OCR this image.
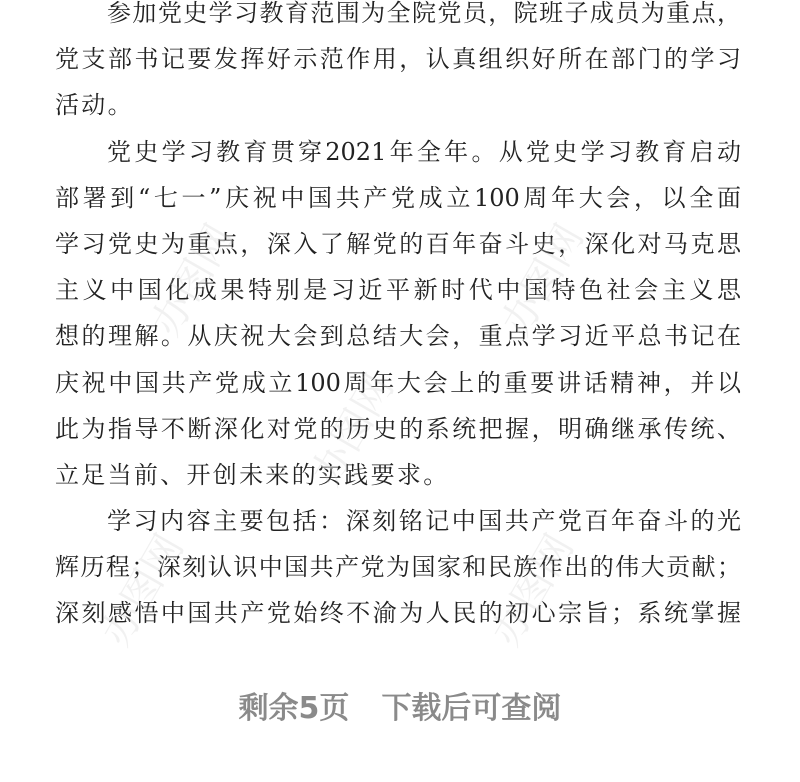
参加党史学习教育范围为全院党员，院班子成员为重点，
党支部书记要发挥好示范作用，认真组织好所在部门的学习
活动。
党史学习教育贯穿2021年全年。从党史学习教育启动
部署到“七一”庆祝中国共产党成立100周年大会，以全面
学习党史为重点，深入了解党的百年奋斗史，深化对马克思
主义中国化成果特别是习近平新时代中国特色社会主义思
想的理解。从庆祝大会到总结大会，重点学习近平总书记在
庆祝中国共产党成立100周年大会上的重要讲话精神，并以
此为指导不断深化对党的历史的系统把握，明确继承传统、
立足当前、开创未来的实践要求。
学习内容主要包括：深刻铭记中国共产党百年奋斗的光
辉历程；深刻认识中国共产党为国家和民族作出的伟大贡献；
深刻感悟中国共产党始终不渝为人民的初心宗旨；系统掌握
办图网	办图网
办图网
办图网	办图网
剩余5页 下载后可查阅
